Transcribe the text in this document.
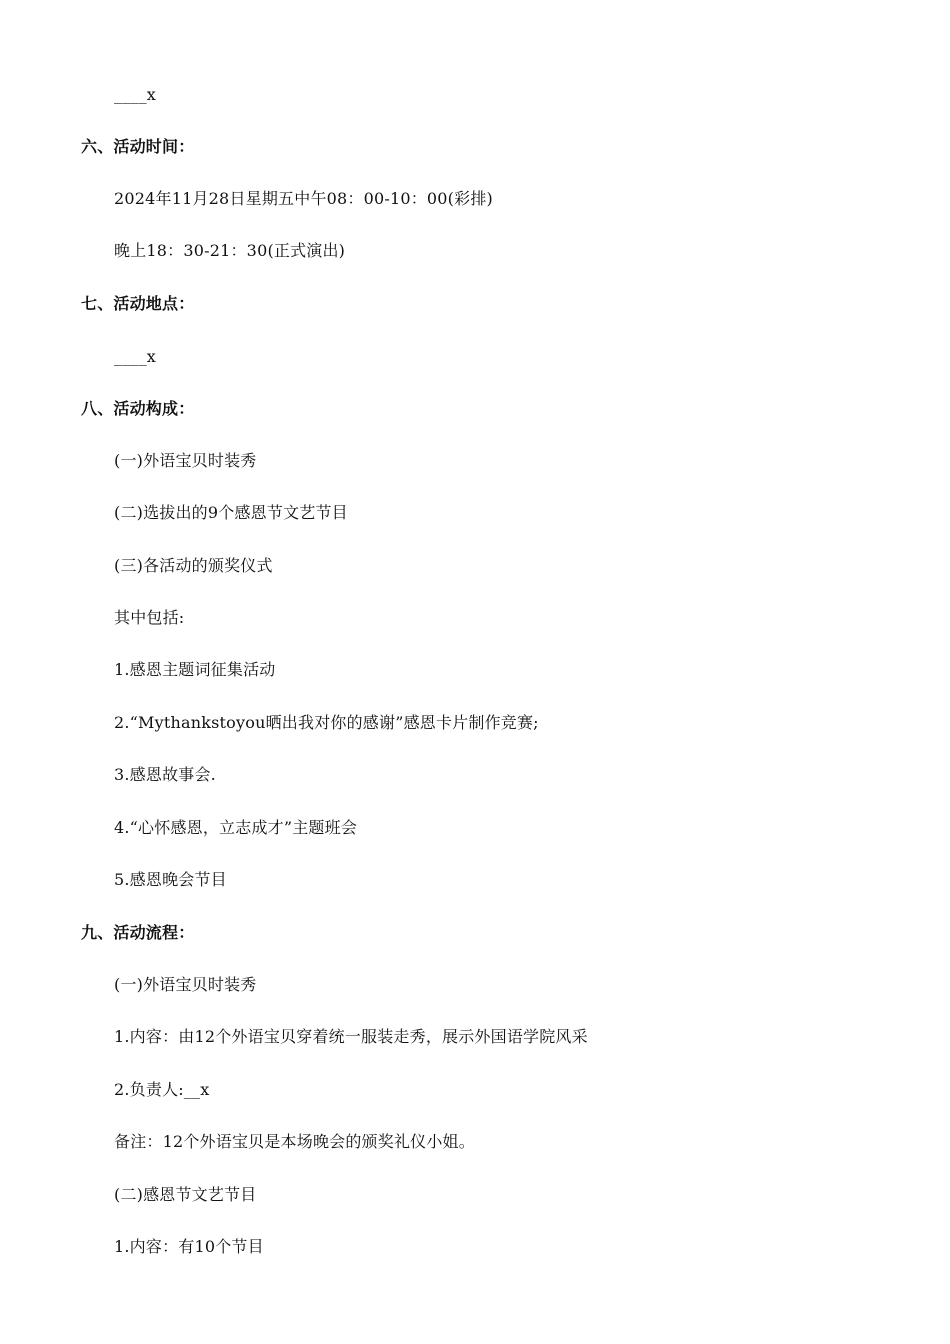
____x
六、活动时间：
2024年11月28日星期五中午08：00-10：00(彩排)
晚上18：30-21：30(正式演出)
七、活动地点：
____x
八、活动构成：
(一)外语宝贝时装秀
(二)选拔出的9个感恩节文艺节目
(三)各活动的颁奖仪式
其中包括:
1.感恩主题词征集活动
2.“Mythankstoyou晒出我对你的感谢”感恩卡片制作竞赛;
3.感恩故事会.
4.“心怀感恩，立志成才”主题班会
5.感恩晚会节目
九、活动流程：
(一)外语宝贝时装秀
1.内容：由12个外语宝贝穿着统一服装走秀，展示外国语学院风采
2.负责人:__x
备注：12个外语宝贝是本场晚会的颁奖礼仪小姐。
(二)感恩节文艺节目
1.内容：有10个节目
